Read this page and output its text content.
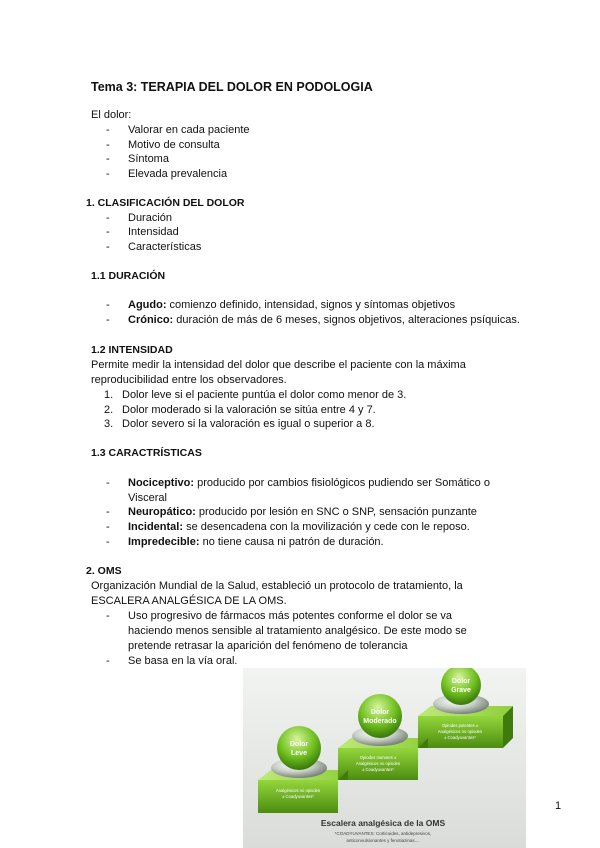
Tema 3: TERAPIA DEL DOLOR EN PODOLOGIA
El dolor:
- Valorar en cada paciente
- Motivo de consulta
- Síntoma
- Elevada prevalencia
1. CLASIFICACIÓN DEL DOLOR
- Duración
- Intensidad
- Características
1.1 DURACIÓN
- Agudo: comienzo definido, intensidad, signos y síntomas objetivos
- Crónico: duración de más de 6 meses, signos objetivos, alteraciones psíquicas.
1.2 INTENSIDAD
Permite medir la intensidad del dolor que describe el paciente con la máxima
reproducibilidad entre los observadores.
1. Dolor leve si el paciente puntúa el dolor como menor de 3.
2. Dolor moderado si la valoración se sitúa entre 4 y 7.
3. Dolor severo si la valoración es igual o superior a 8.
1.3 CARACTRÍSTICAS
- Nociceptivo: producido por cambios fisiológicos pudiendo ser Somático o
Visceral
- Neuropático: producido por lesión en SNC o SNP, sensación punzante
- Incidental: se desencadena con la movilización y cede con le reposo.
- Impredecible: no tiene causa ni patrón de duración.
2. OMS
Organización Mundial de la Salud, estableció un protocolo de tratamiento, la
ESCALERA ANALGÉSICA DE LA OMS.
- Uso progresivo de fármacos más potentes conforme el dolor se va
haciendo menos sensible al tratamiento analgésico. De este modo se
pretende retrasar la aparición del fenómeno de tolerancia
- Se basa en la vía oral.
Dolor
Leve
Dolor
Moderado
Dolor
Grave
Analgésicos no opiodes
± Coadyuvantes*
Opiodes menores ±
Analgésicos no opiodes
± Coadyuvantes*
Opiodes potentes ±
Analgésicos no opiodes
± Coadyuvantes*
Escalera analgésica de la OMS
*COADYUVANTES: Corticoides, antidepresivos,
anticonvulsionantes y fenotiazinas....
1
